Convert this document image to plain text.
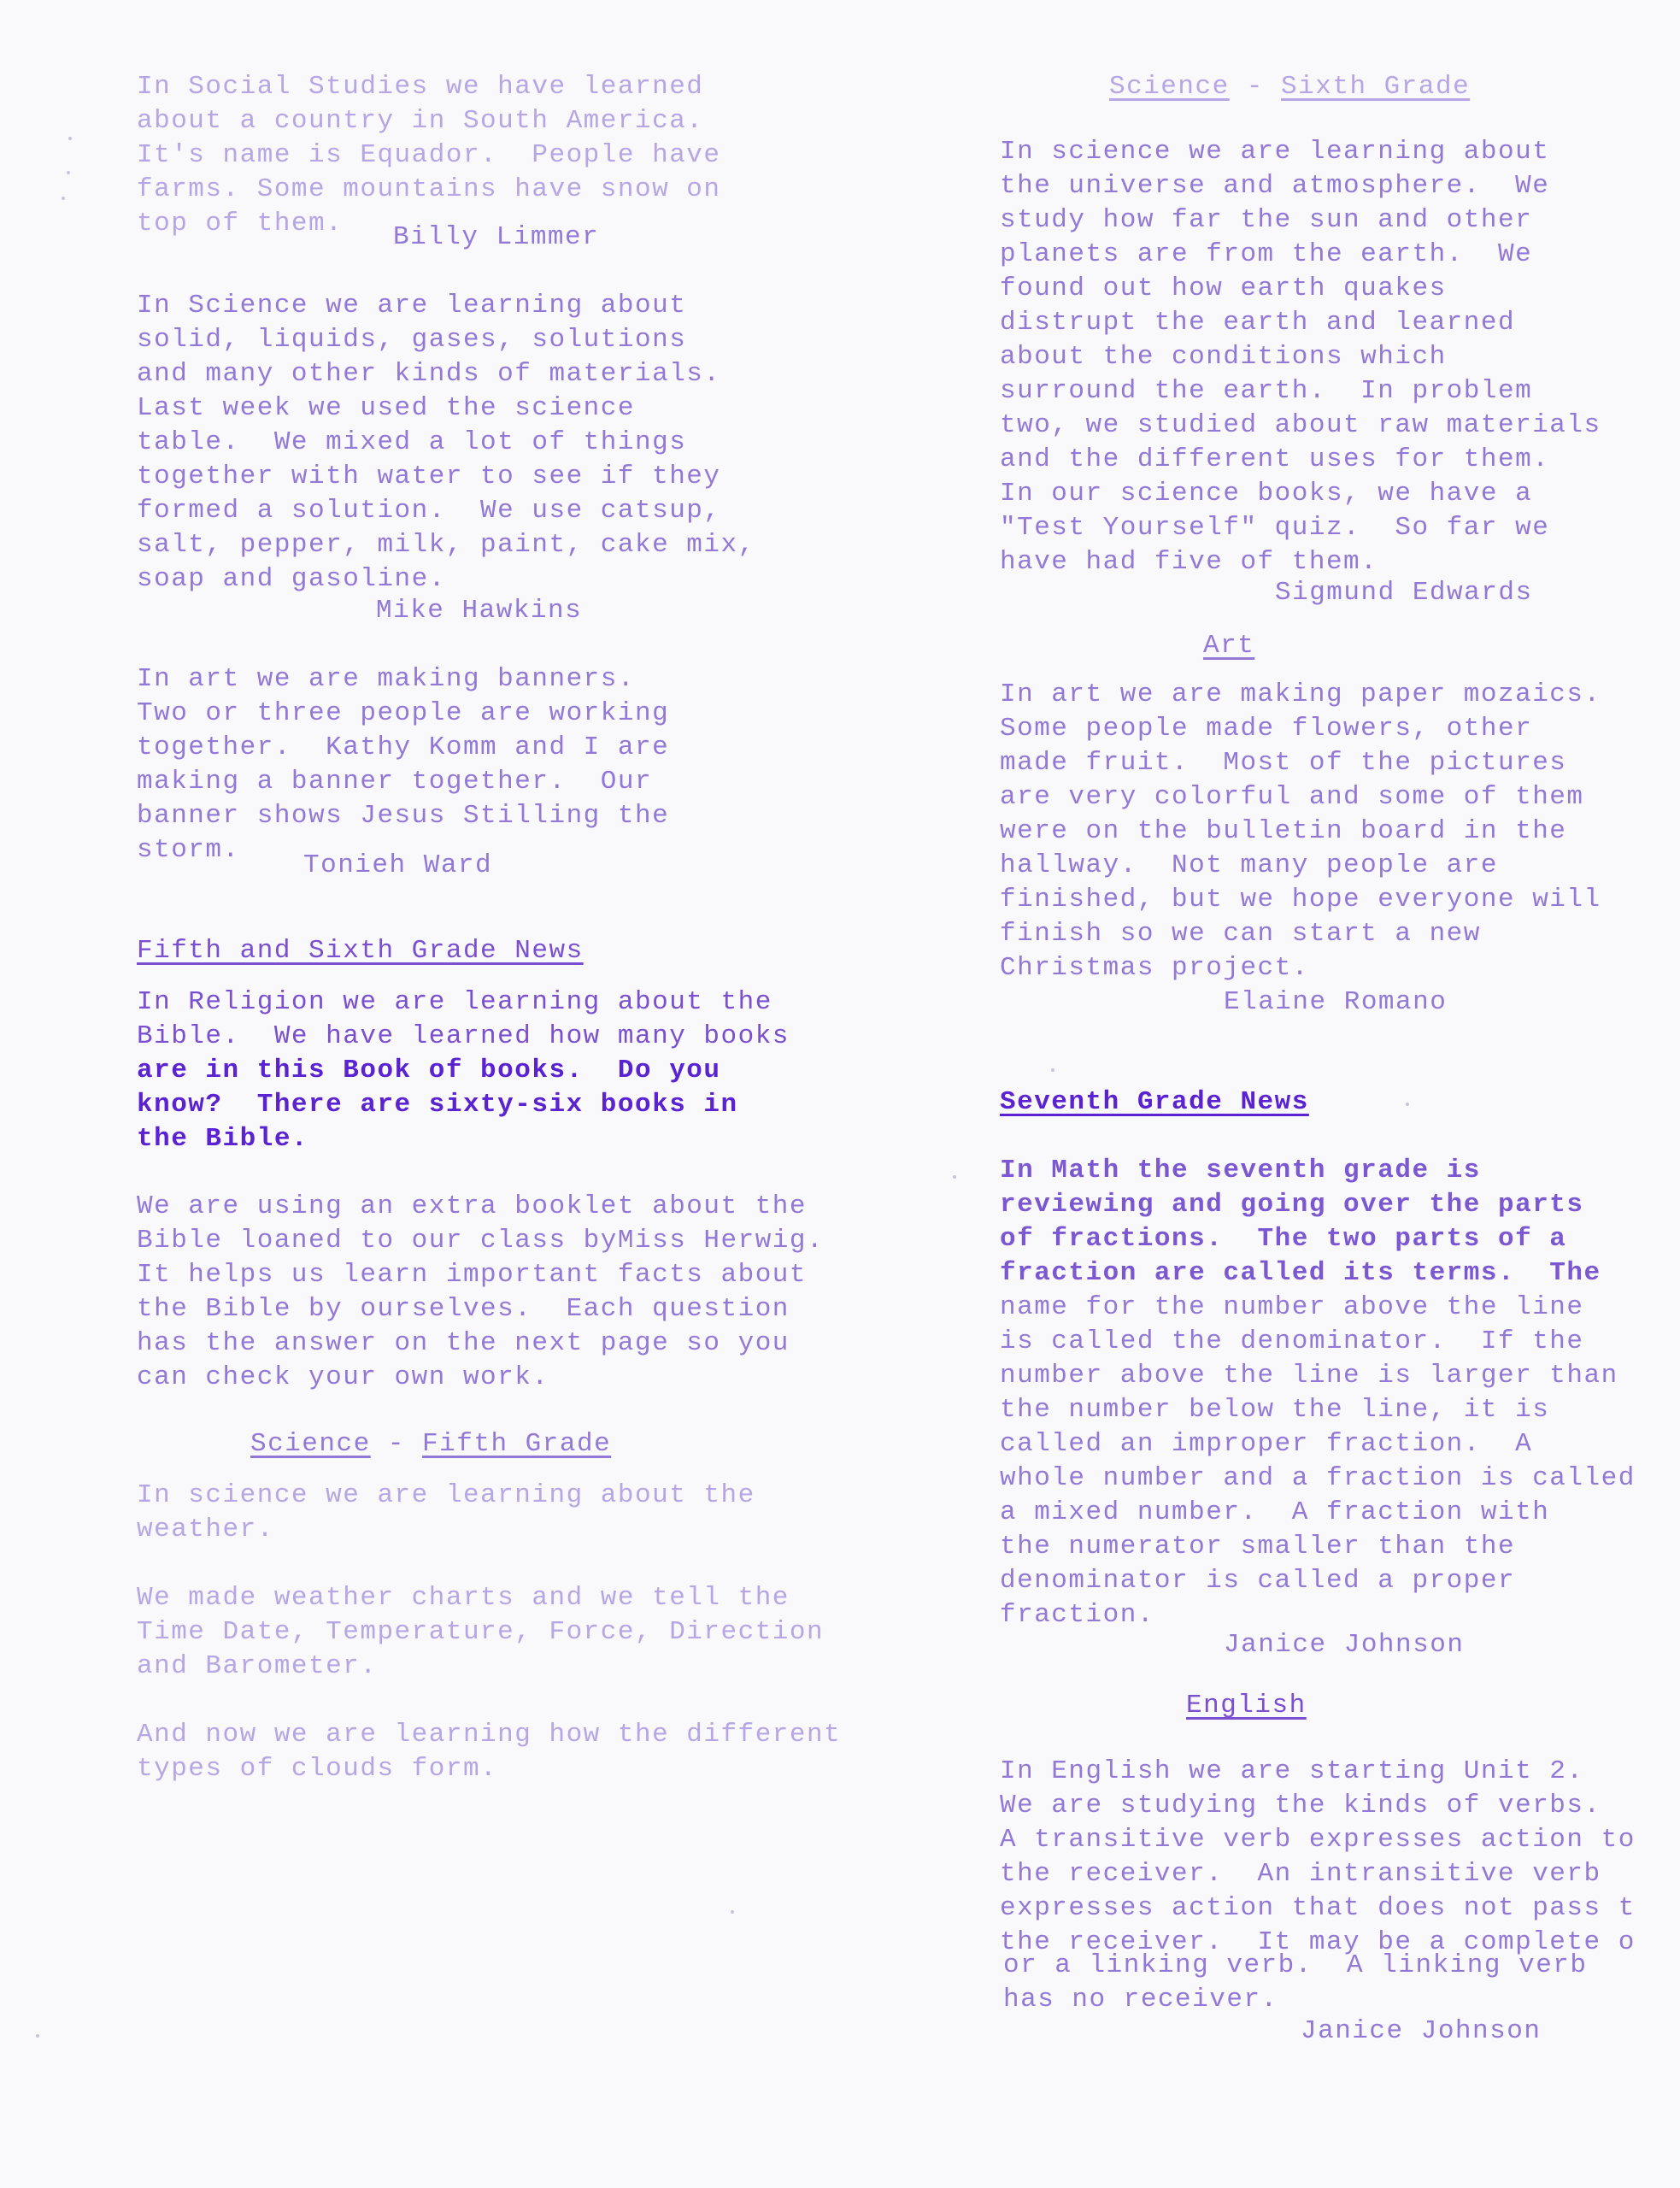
In Social Studies we have learned
about a country in South America.
It's name is Equador.  People have
farms. Some mountains have snow on
top of them.	Billy Limmer
In Science we are learning about
solid, liquids, gases, solutions
and many other kinds of materials.
Last week we used the science
table.  We mixed a lot of things
together with water to see if they
formed a solution.  We use catsup,
salt, pepper, milk, paint, cake mix,
soap and gasoline.
Mike Hawkins
In art we are making banners.
Two or three people are working
together.  Kathy Komm and I are
making a banner together.  Our
banner shows Jesus Stilling the
storm.
Tonieh Ward
Fifth and Sixth Grade News
In Religion we are learning about the
Bible.  We have learned how many books
are in this Book of books.  Do you
know?  There are sixty-six books in
the Bible.
We are using an extra booklet about the
Bible loaned to our class byMiss Herwig.
It helps us learn important facts about
the Bible by ourselves.  Each question
has the answer on the next page so you
can check your own work.
Science - Fifth Grade
In science we are learning about the
weather.
We made weather charts and we tell the
Time Date, Temperature, Force, Direction
and Barometer.
And now we are learning how the different
types of clouds form.
Science - Sixth Grade
In science we are learning about
the universe and atmosphere.  We
study how far the sun and other
planets are from the earth.  We
found out how earth quakes
distrupt the earth and learned
about the conditions which
surround the earth.  In problem
two, we studied about raw materials
and the different uses for them.
In our science books, we have a
"Test Yourself" quiz.  So far we
have had five of them.
Sigmund Edwards
Art
In art we are making paper mozaics.
Some people made flowers, other
made fruit.  Most of the pictures
are very colorful and some of them
were on the bulletin board in the
hallway.  Not many people are
finished, but we hope everyone will
finish so we can start a new
Christmas project.
Elaine Romano
Seventh Grade News
In Math the seventh grade is
reviewing and going over the parts
of fractions.  The two parts of a
fraction are called its terms.  The
name for the number above the line
is called the denominator.  If the
number above the line is larger than
the number below the line, it is
called an improper fraction.  A
whole number and a fraction is called
a mixed number.  A fraction with
the numerator smaller than the
denominator is called a proper
fraction.
Janice Johnson
English
In English we are starting Unit 2.
We are studying the kinds of verbs.
A transitive verb expresses action to
the receiver.  An intransitive verb
expresses action that does not pass t
the receiver.  It may be a complete o
or a linking verb.  A linking verb
has no receiver.
Janice Johnson
